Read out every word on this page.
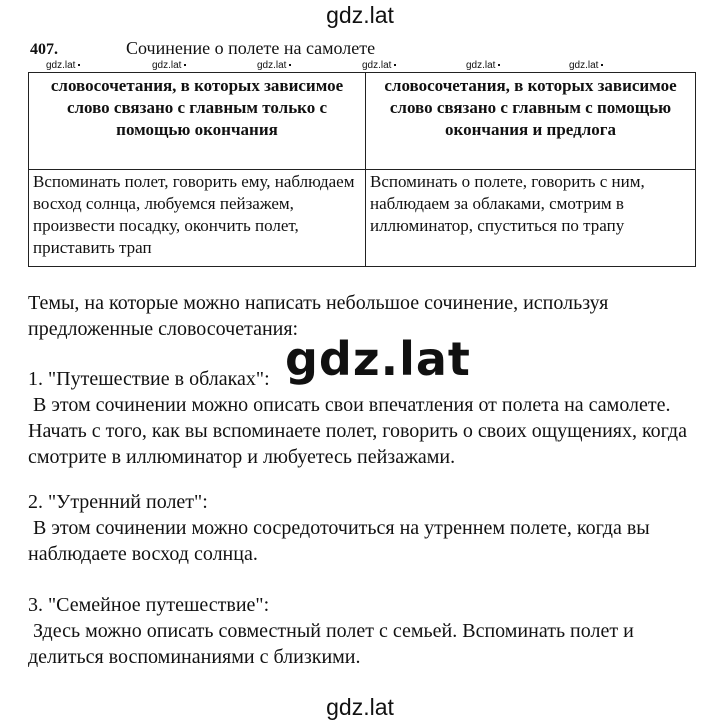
gdz.lat
407.	Сочинение о полете на самолете
gdz.lat	gdz.lat	gdz.lat	gdz.lat	gdz.lat	gdz.lat
словосочетания, в которых зависимое слово связано с главным только с помощью окончания	словосочетания, в которых зависимое слово связано с главным с помощью окончания и предлога
Вспоминать полет, говорить ему, наблюдаем восход солнца, любуемся пейзажем, произвести посадку, окончить полет, приставить трап	Вспоминать о полете, говорить с ним, наблюдаем за облаками, смотрим в иллюминатор, спуститься по трапу

Темы, на которые можно написать небольшое сочинение, используя предложенные словосочетания:

1. "Путешествие в облаках":

В этом сочинении можно описать свои впечатления от полета на самолете. Начать с того, как вы вспоминаете полет, говорить о своих ощущениях, когда смотрите в иллюминатор и любуетесь пейзажами.

2. "Утренний полет":

В этом сочинении можно сосредоточиться на утреннем полете, когда вы наблюдаете восход солнца.

3. "Семейное путешествие":

Здесь можно описать совместный полет с семьей. Вспоминать полет и делиться воспоминаниями с близкими.

gdz.lat
gdz.lat
